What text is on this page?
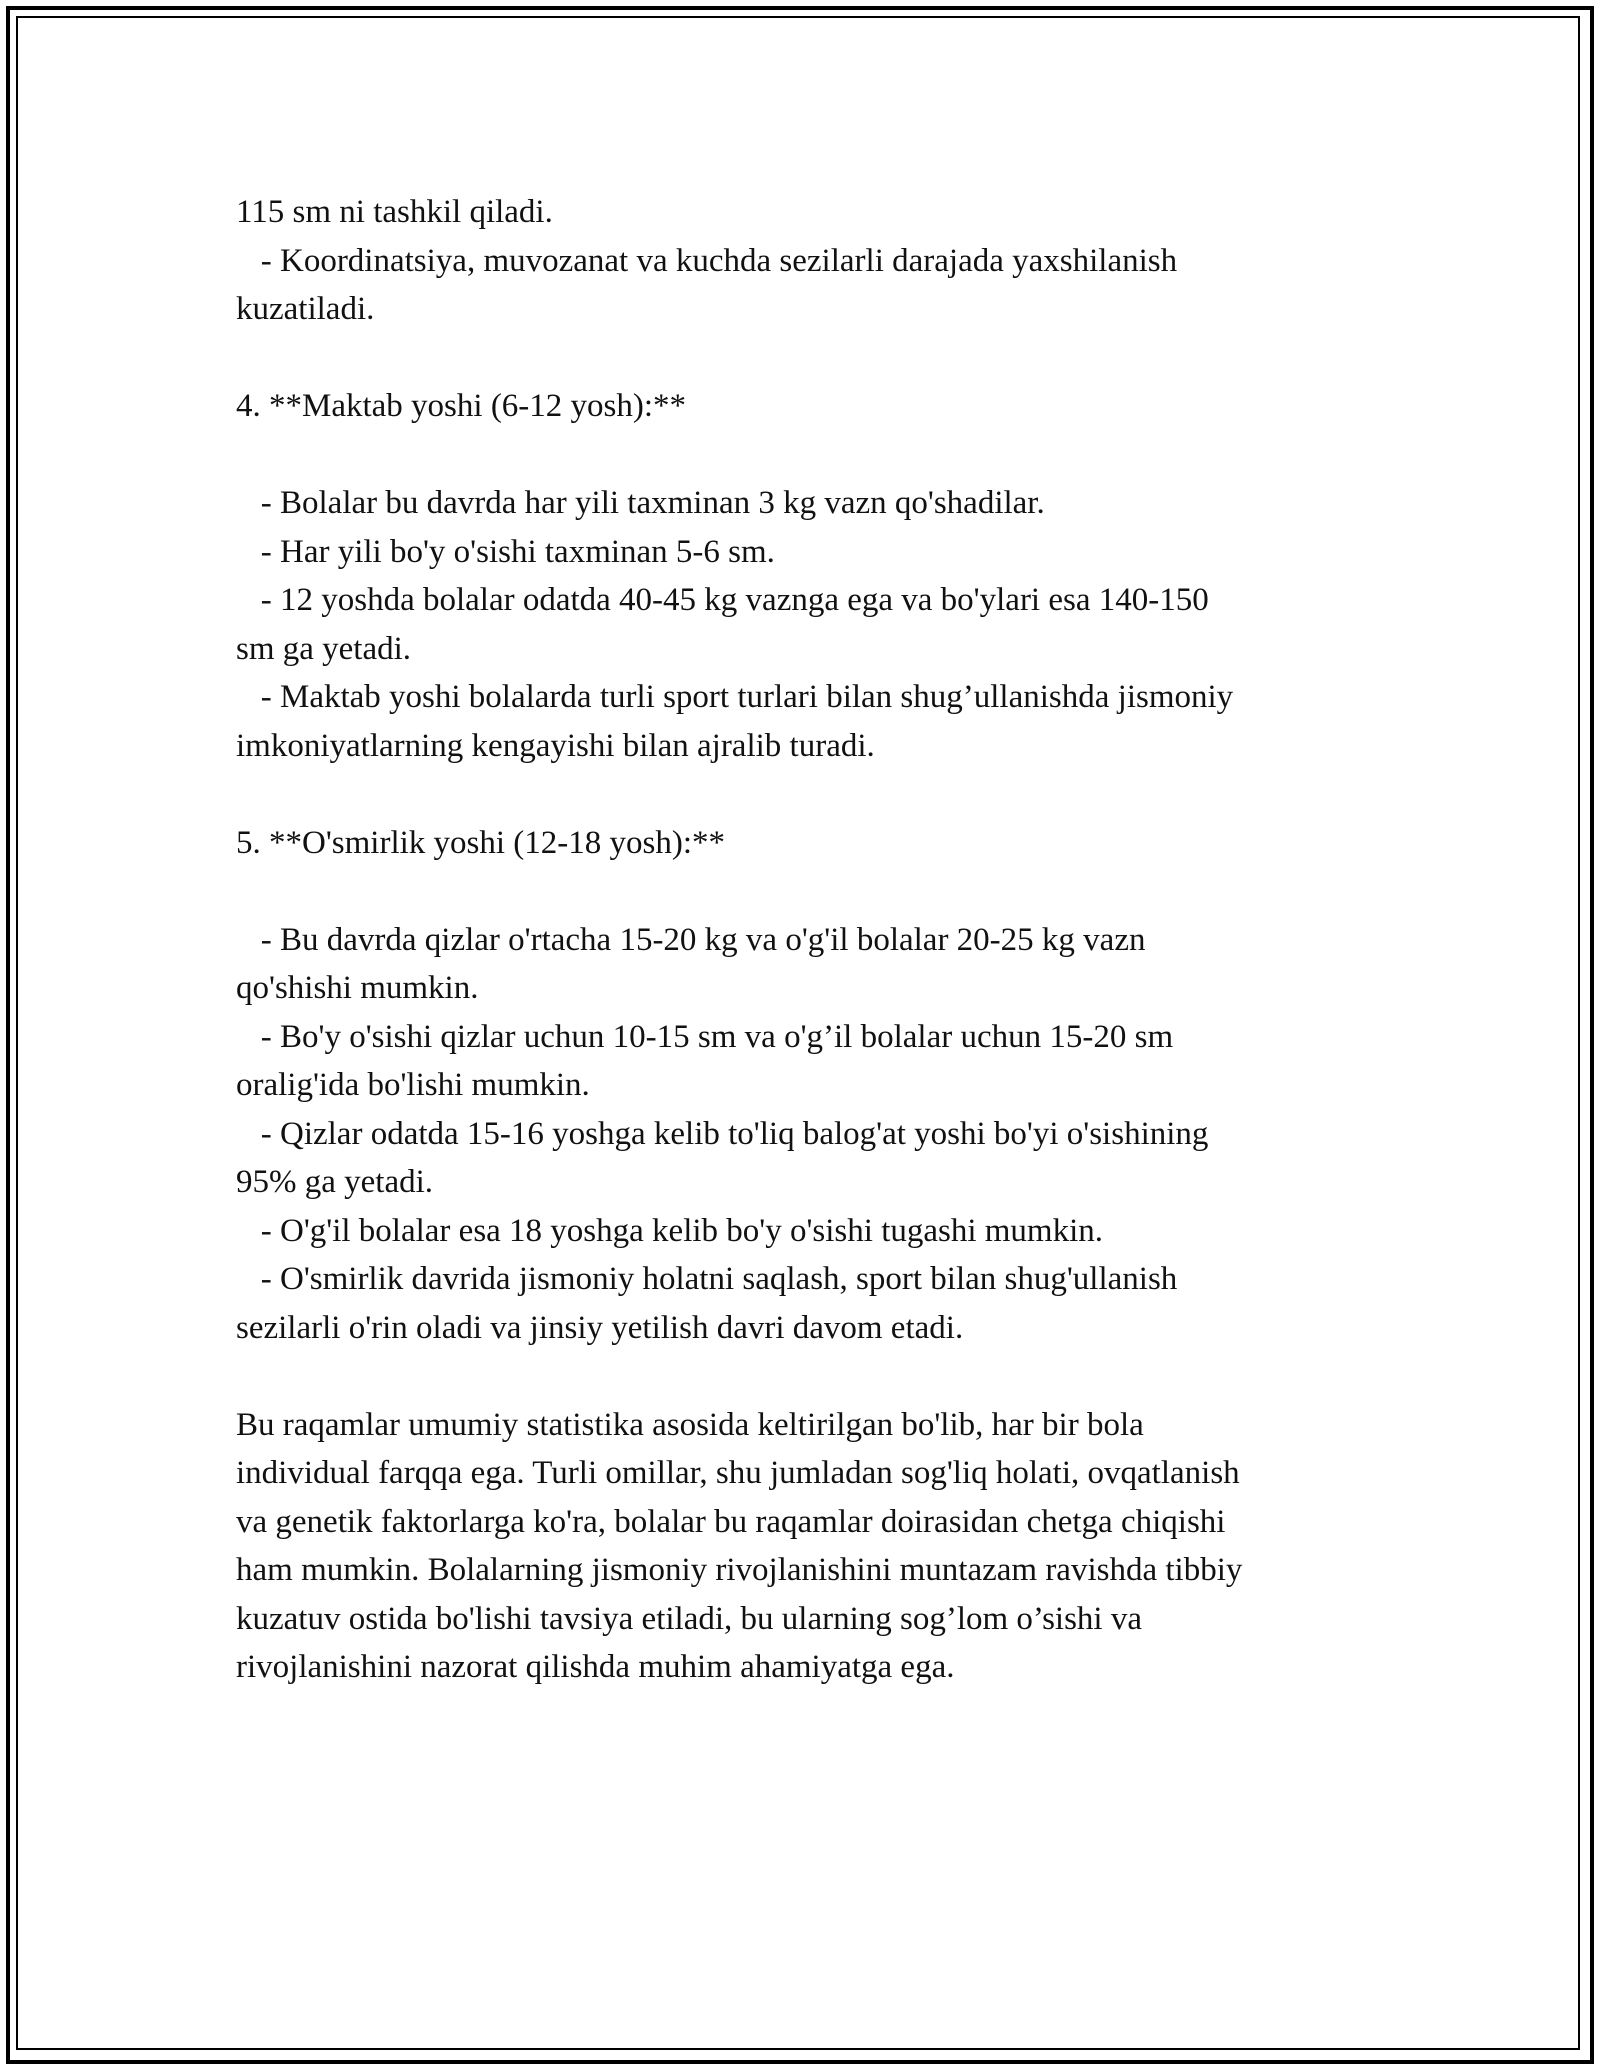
115 sm ni tashkil qiladi.

- Koordinatsiya, muvozanat va kuchda sezilarli darajada yaxshilanish

kuzatiladi.

4. **Maktab yoshi (6-12 yosh):**

- Bolalar bu davrda har yili taxminan 3 kg vazn qo'shadilar.

- Har yili bo'y o'sishi taxminan 5-6 sm.

- 12 yoshda bolalar odatda 40-45 kg vaznga ega va bo'ylari esa 140-150

sm ga yetadi.

- Maktab yoshi bolalarda turli sport turlari bilan shug’ullanishda jismoniy

imkoniyatlarning kengayishi bilan ajralib turadi.

5. **O'smirlik yoshi (12-18 yosh):**

- Bu davrda qizlar o'rtacha 15-20 kg va o'g'il bolalar 20-25 kg vazn

qo'shishi mumkin.

- Bo'y o'sishi qizlar uchun 10-15 sm va o'g’il bolalar uchun 15-20 sm

oralig'ida bo'lishi mumkin.

- Qizlar odatda 15-16 yoshga kelib to'liq balog'at yoshi bo'yi o'sishining

95% ga yetadi.

- O'g'il bolalar esa 18 yoshga kelib bo'y o'sishi tugashi mumkin.

- O'smirlik davrida jismoniy holatni saqlash, sport bilan shug'ullanish

sezilarli o'rin oladi va jinsiy yetilish davri davom etadi.

Bu raqamlar umumiy statistika asosida keltirilgan bo'lib, har bir bola

individual farqqa ega. Turli omillar, shu jumladan sog'liq holati, ovqatlanish

va genetik faktorlarga ko'ra, bolalar bu raqamlar doirasidan chetga chiqishi

ham mumkin. Bolalarning jismoniy rivojlanishini muntazam ravishda tibbiy

kuzatuv ostida bo'lishi tavsiya etiladi, bu ularning sog’lom o’sishi va

rivojlanishini nazorat qilishda muhim ahamiyatga ega.
